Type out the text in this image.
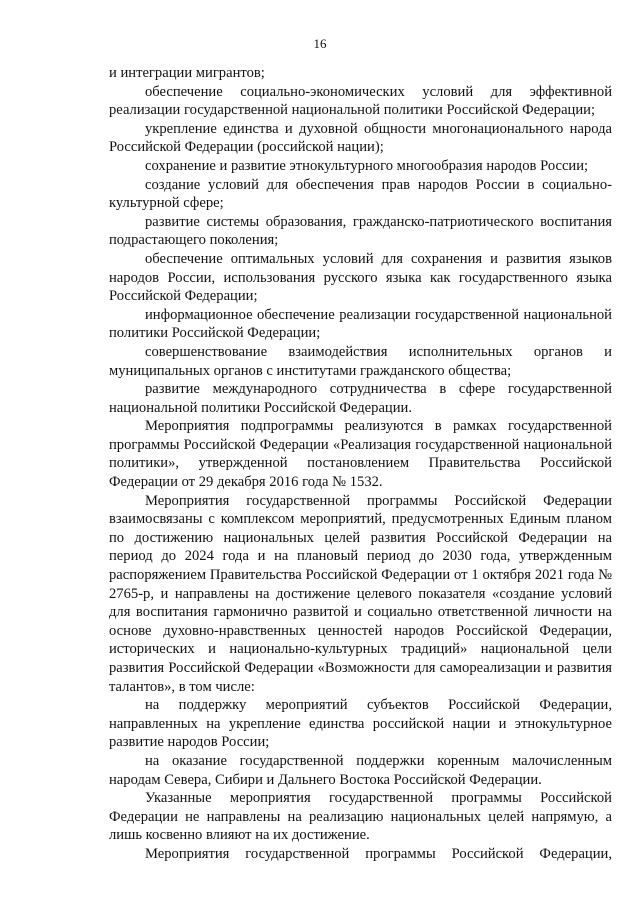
16

и интеграции мигрантов;

обеспечение социально-экономических условий для эффективной реализации государственной национальной политики Российской Федерации;

укрепление единства и духовной общности многонационального народа Российской Федерации (российской нации);

сохранение и развитие этнокультурного многообразия народов России;

создание условий для обеспечения прав народов России в социально-культурной сфере;

развитие системы образования, гражданско-патриотического воспитания подрастающего поколения;

обеспечение оптимальных условий для сохранения и развития языков народов России, использования русского языка как государственного языка Российской Федерации;

информационное обеспечение реализации государственной национальной политики Российской Федерации;

совершенствование взаимодействия исполнительных органов и муниципальных органов с институтами гражданского общества;

развитие международного сотрудничества в сфере государственной национальной политики Российской Федерации.

Мероприятия подпрограммы реализуются в рамках государственной программы Российской Федерации «Реализация государственной национальной политики», утвержденной постановлением Правительства Российской Федерации от 29 декабря 2016 года № 1532.

Мероприятия государственной программы Российской Федерации взаимосвязаны с комплексом мероприятий, предусмотренных Единым планом по достижению национальных целей развития Российской Федерации на период до 2024 года и на плановый период до 2030 года, утвержденным распоряжением Правительства Российской Федерации от 1 октября 2021 года № 2765-р, и направлены на достижение целевого показателя «создание условий для воспитания гармонично развитой и социально ответственной личности на основе духовно-нравственных ценностей народов Российской Федерации, исторических и национально-культурных традиций» национальной цели развития Российской Федерации «Возможности для самореализации и развития талантов», в том числе:

на поддержку мероприятий субъектов Российской Федерации, направленных на укрепление единства российской нации и этнокультурное развитие народов России;

на оказание государственной поддержки коренным малочисленным народам Севера, Сибири и Дальнего Востока Российской Федерации.

Указанные мероприятия государственной программы Российской Федерации не направлены на реализацию национальных целей напрямую, а лишь косвенно влияют на их достижение.

Мероприятия государственной программы Российской Федерации,
